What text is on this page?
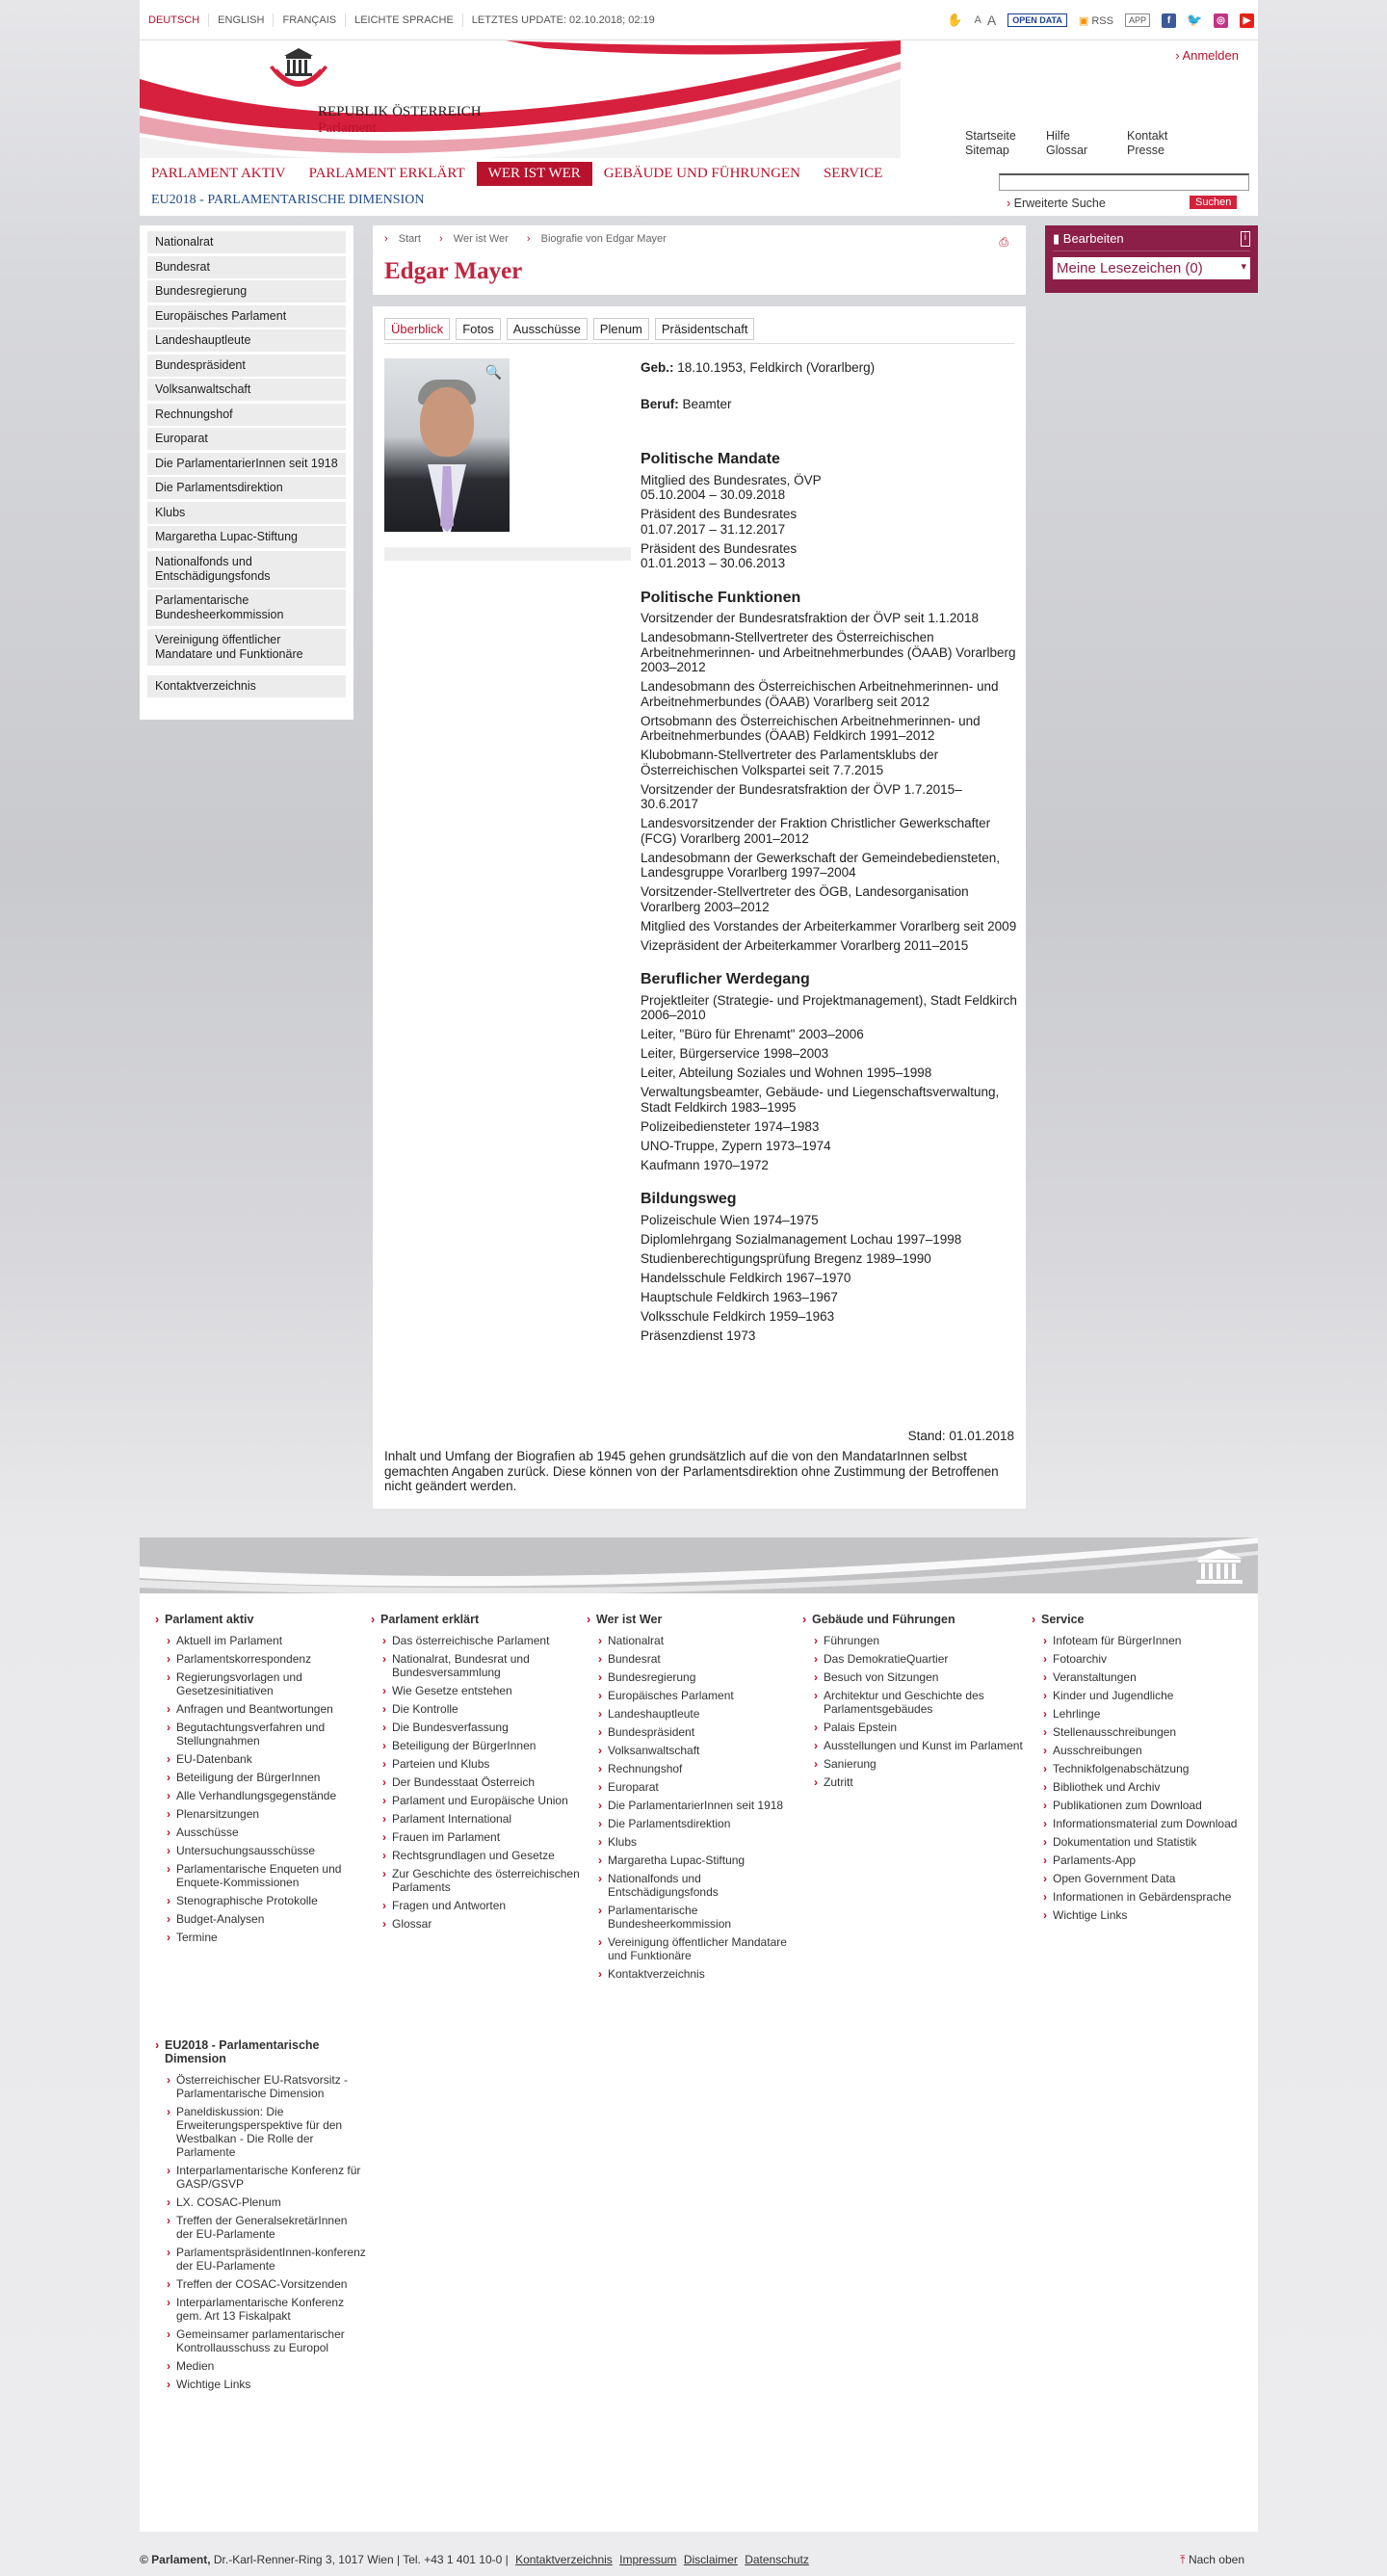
DEUTSCH	ENGLISH	FRANÇAIS	LEICHTE SPRACHE	LETZTES UPDATE: 02.10.2018; 02:19	✋ A A	OPEN DATA	▣ RSS	APP	f	🐦	◎	▶
REPUBLIK ÖSTERREICH
Parlament
› Anmelden
Startseite	Hilfe	Kontakt
Sitemap	Glossar	Presse
PARLAMENT AKTIV	PARLAMENT ERKLÄRT	WER IST WER	GEBÄUDE UND FÜHRUNGEN	SERVICE
EU2018 - PARLAMENTARISCHE DIMENSION	› Erweiterte Suche	Suchen
Nationalrat
Bundesrat
Bundesregierung
Europäisches Parlament
Landeshauptleute
Bundespräsident
Volksanwaltschaft
Rechnungshof
Europarat
Die ParlamentarierInnen seit 1918
Die Parlamentsdirektion
Klubs
Margaretha Lupac-Stiftung
Nationalfonds und Entschädigungsfonds
Parlamentarische Bundesheerkommission
Vereinigung öffentlicher Mandatare und Funktionäre
Kontaktverzeichnis
› Start › Wer ist Wer › Biografie von Edgar Mayer	⎙
Edgar Mayer
Überblick	Fotos	Ausschüsse	Plenum	Präsidentschaft
🔍	Geb.: 18.10.1953, Feldkirch (Vorarlberg)
Beruf: Beamter
Politische Mandate
Mitglied des Bundesrates, ÖVP
05.10.2004 – 30.09.2018
Präsident des Bundesrates
01.07.2017 – 31.12.2017
Präsident des Bundesrates
01.01.2013 – 30.06.2013
Politische Funktionen
Vorsitzender der Bundesratsfraktion der ÖVP seit 1.1.2018
Landesobmann-Stellvertreter des Österreichischen Arbeitnehmerinnen- und Arbeitnehmerbundes (ÖAAB) Vorarlberg 2003–2012
Landesobmann des Österreichischen Arbeitnehmerinnen- und Arbeitnehmerbundes (ÖAAB) Vorarlberg seit 2012
Ortsobmann des Österreichischen Arbeitnehmerinnen- und Arbeitnehmerbundes (ÖAAB) Feldkirch 1991–2012
Klubobmann-Stellvertreter des Parlamentsklubs der Österreichischen Volkspartei seit 7.7.2015
Vorsitzender der Bundesratsfraktion der ÖVP 1.7.2015–30.6.2017
Landesvorsitzender der Fraktion Christlicher Gewerkschafter (FCG) Vorarlberg 2001–2012
Landesobmann der Gewerkschaft der Gemeindebediensteten, Landesgruppe Vorarlberg 1997–2004
Vorsitzender-Stellvertreter des ÖGB, Landesorganisation Vorarlberg 2003–2012
Mitglied des Vorstandes der Arbeiterkammer Vorarlberg seit 2009
Vizepräsident der Arbeiterkammer Vorarlberg 2011–2015
Beruflicher Werdegang
Projektleiter (Strategie- und Projektmanagement), Stadt Feldkirch 2006–2010
Leiter, "Büro für Ehrenamt" 2003–2006
Leiter, Bürgerservice 1998–2003
Leiter, Abteilung Soziales und Wohnen 1995–1998
Verwaltungsbeamter, Gebäude- und Liegenschaftsverwaltung, Stadt Feldkirch 1983–1995
Polizeibediensteter 1974–1983
UNO-Truppe, Zypern 1973–1974
Kaufmann 1970–1972
Bildungsweg
Polizeischule Wien 1974–1975
Diplomlehrgang Sozialmanagement Lochau 1997–1998
Studienberechtigungsprüfung Bregenz 1989–1990
Handelsschule Feldkirch 1967–1970
Hauptschule Feldkirch 1963–1967
Volksschule Feldkirch 1959–1963
Präsenzdienst 1973
Stand: 01.01.2018
Inhalt und Umfang der Biografien ab 1945 gehen grundsätzlich auf die von den MandatarInnen selbst gemachten Angaben zurück. Diese können von der Parlamentsdirektion ohne Zustimmung der Betroffenen nicht geändert werden.
▮ Bearbeiten	i
Meine Lesezeichen (0)	▾
› Parlament aktiv
› Aktuell im Parlament
› Parlamentskorrespondenz
› Regierungsvorlagen und Gesetzesinitiativen
› Anfragen und Beantwortungen
› Begutachtungsverfahren und Stellungnahmen
› EU-Datenbank
› Beteiligung der BürgerInnen
› Alle Verhandlungsgegenstände
› Plenarsitzungen
› Ausschüsse
› Untersuchungsausschüsse
› Parlamentarische Enqueten und Enquete-Kommissionen
› Stenographische Protokolle
› Budget-Analysen
› Termine
› Parlament erklärt
› Das österreichische Parlament
› Nationalrat, Bundesrat und Bundesversammlung
› Wie Gesetze entstehen
› Die Kontrolle
› Die Bundesverfassung
› Beteiligung der BürgerInnen
› Parteien und Klubs
› Der Bundesstaat Österreich
› Parlament und Europäische Union
› Parlament International
› Frauen im Parlament
› Rechtsgrundlagen und Gesetze
› Zur Geschichte des österreichischen Parlaments
› Fragen und Antworten
› Glossar
› Wer ist Wer
› Nationalrat
› Bundesrat
› Bundesregierung
› Europäisches Parlament
› Landeshauptleute
› Bundespräsident
› Volksanwaltschaft
› Rechnungshof
› Europarat
› Die ParlamentarierInnen seit 1918
› Die Parlamentsdirektion
› Klubs
› Margaretha Lupac-Stiftung
› Nationalfonds und Entschädigungsfonds
› Parlamentarische Bundesheerkommission
› Vereinigung öffentlicher Mandatare und Funktionäre
› Kontaktverzeichnis
› Gebäude und Führungen
› Führungen
› Das DemokratieQuartier
› Besuch von Sitzungen
› Architektur und Geschichte des Parlamentsgebäudes
› Palais Epstein
› Ausstellungen und Kunst im Parlament
› Sanierung
› Zutritt
› Service
› Infoteam für BürgerInnen
› Fotoarchiv
› Veranstaltungen
› Kinder und Jugendliche
› Lehrlinge
› Stellenausschreibungen
› Ausschreibungen
› Technikfolgenabschätzung
› Bibliothek und Archiv
› Publikationen zum Download
› Informationsmaterial zum Download
› Dokumentation und Statistik
› Parlaments-App
› Open Government Data
› Informationen in Gebärdensprache
› Wichtige Links
› EU2018 - Parlamentarische Dimension
› Österreichischer EU-Ratsvorsitz - Parlamentarische Dimension
› Paneldiskussion: Die Erweiterungsperspektive für den Westbalkan - Die Rolle der Parlamente
› Interparlamentarische Konferenz für GASP/GSVP
› LX. COSAC-Plenum
› Treffen der GeneralsekretärInnen der EU-Parlamente
› ParlamentspräsidentInnen-konferenz der EU-Parlamente
› Treffen der COSAC-Vorsitzenden
› Interparlamentarische Konferenz gem. Art 13 Fiskalpakt
› Gemeinsamer parlamentarischer Kontrollausschuss zu Europol
› Medien
› Wichtige Links
© Parlament, Dr.-Karl-Renner-Ring 3, 1017 Wien | Tel. +43 1 401 10-0 | Kontaktverzeichnis Impressum Disclaimer Datenschutz	⤒ Nach oben
